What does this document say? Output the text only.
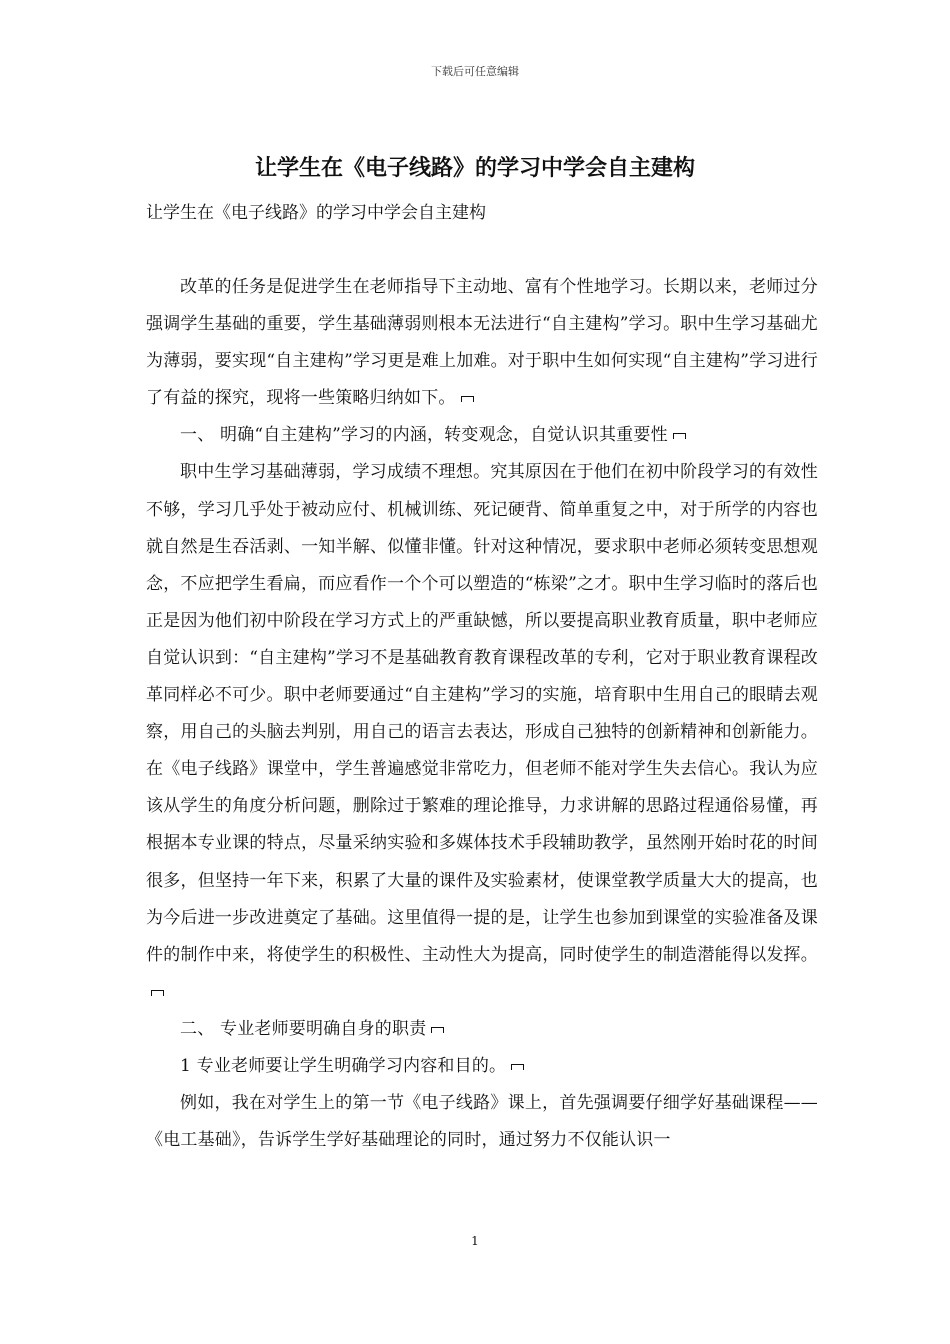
下载后可任意编辑
让学生在《电子线路》的学习中学会自主建构
让学生在《电子线路》的学习中学会自主建构

改革的任务是促进学生在老师指导下主动地、富有个性地学习。长期以来，老师过分强调学生基础的重要，学生基础薄弱则根本无法进行“自主建构”学习。职中生学习基础尤为薄弱，要实现“自主建构”学习更是难上加难。对于职中生如何实现“自主建构”学习进行了有益的探究，现将一些策略归纳如下。

一、 明确“自主建构”学习的内涵，转变观念，自觉认识其重要性

职中生学习基础薄弱，学习成绩不理想。究其原因在于他们在初中阶段学习的有效性不够，学习几乎处于被动应付、机械训练、死记硬背、简单重复之中，对于所学的内容也就自然是生吞活剥、一知半解、似懂非懂。针对这种情况，要求职中老师必须转变思想观念，不应把学生看扁，而应看作一个个可以塑造的“栋梁”之才。职中生学习临时的落后也正是因为他们初中阶段在学习方式上的严重缺憾，所以要提高职业教育质量，职中老师应自觉认识到：“自主建构”学习不是基础教育教育课程改革的专利，它对于职业教育课程改革同样必不可少。职中老师要通过“自主建构”学习的实施，培育职中生用自己的眼睛去观察，用自己的头脑去判别，用自己的语言去表达，形成自己独特的创新精神和创新能力。在《电子线路》课堂中，学生普遍感觉非常吃力，但老师不能对学生失去信心。我认为应该从学生的角度分析问题，删除过于繁难的理论推导，力求讲解的思路过程通俗易懂，再根据本专业课的特点，尽量采纳实验和多媒体技术手段辅助教学，虽然刚开始时花的时间很多，但坚持一年下来，积累了大量的课件及实验素材，使课堂教学质量大大的提高，也为今后进一步改进奠定了基础。这里值得一提的是，让学生也参加到课堂的实验准备及课件的制作中来，将使学生的积极性、主动性大为提高，同时使学生的制造潜能得以发挥。

二、 专业老师要明确自身的职责

1 专业老师要让学生明确学习内容和目的。

例如，我在对学生上的第一节《电子线路》课上，首先强调要仔细学好基础课程——《电工基础》，告诉学生学好基础理论的同时，通过努力不仅能认识一

1
